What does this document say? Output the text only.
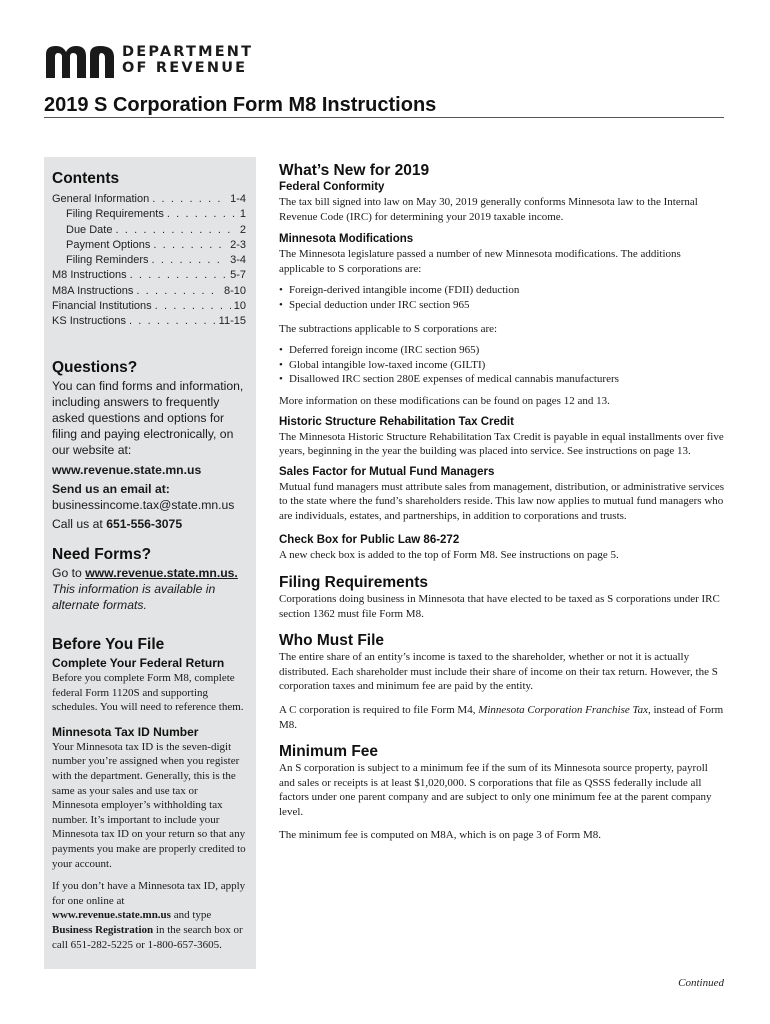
DEPARTMENT
OF REVENUE
2019 S Corporation Form M8 Instructions
Contents
General Information . . .	1-4
Filing Requirements . . .	1
Due Date . . .	2
Payment Options . . .	2-3
Filing Reminders . . .	3-4
M8 Instructions . . .	5-7
M8A Instructions . . .	8-10
Financial Institutions . . .	10
KS Instructions . . .	11-15
Questions?
You can find forms and information, including answers to frequently asked questions and options for filing and paying electronically, on our website at:
www.revenue.state.mn.us
Send us an email at:
businessincome.tax@state.mn.us
Call us at 651-556-3075
Need Forms?
Go to www.revenue.state.mn.us.
This information is available in alternate formats.
Before You File
Complete Your Federal Return
Before you complete Form M8, complete federal Form 1120S and supporting schedules. You will need to reference them.
Minnesota Tax ID Number
Your Minnesota tax ID is the seven-digit number you’re assigned when you register with the department. Generally, this is the same as your sales and use tax or Minnesota employer’s withholding tax number. It’s important to include your Minnesota tax ID on your return so that any payments you make are properly credited to your account.
If you don’t have a Minnesota tax ID, apply for one online at www.revenue.state.mn.us and type Business Registration in the search box or call 651-282-5225 or 1-800-657-3605.
What’s New for 2019
Federal Conformity
The tax bill signed into law on May 30, 2019 generally conforms Minnesota law to the Internal Revenue Code (IRC) for determining your 2019 taxable income.
Minnesota Modifications
The Minnesota legislature passed a number of new Minnesota modifications. The additions applicable to S corporations are:
• Foreign-derived intangible income (FDII) deduction
• Special deduction under IRC section 965
The subtractions applicable to S corporations are:
• Deferred foreign income (IRC section 965)
• Global intangible low-taxed income (GILTI)
• Disallowed IRC section 280E expenses of medical cannabis manufacturers
More information on these modifications can be found on pages 12 and 13.
Historic Structure Rehabilitation Tax Credit
The Minnesota Historic Structure Rehabilitation Tax Credit is payable in equal installments over five years, beginning in the year the building was placed into service. See instructions on page 13.
Sales Factor for Mutual Fund Managers
Mutual fund managers must attribute sales from management, distribution, or administrative services to the state where the fund’s shareholders reside. This law now applies to mutual fund managers who are individuals, estates, and partnerships, in addition to corporations and trusts.
Check Box for Public Law 86-272
A new check box is added to the top of Form M8. See instructions on page 5.
Filing Requirements
Corporations doing business in Minnesota that have elected to be taxed as S corporations under IRC section 1362 must file Form M8.
Who Must File
The entire share of an entity’s income is taxed to the shareholder, whether or not it is actually distributed. Each shareholder must include their share of income on their tax return. However, the S corporation taxes and minimum fee are paid by the entity.
A C corporation is required to file Form M4, Minnesota Corporation Franchise Tax, instead of Form M8.
Minimum Fee
An S corporation is subject to a minimum fee if the sum of its Minnesota source property, payroll and sales or receipts is at least $1,020,000. S corporations that file as QSSS federally include all factors under one parent company and are subject to only one minimum fee at the parent company level.
The minimum fee is computed on M8A, which is on page 3 of Form M8.
Continued
